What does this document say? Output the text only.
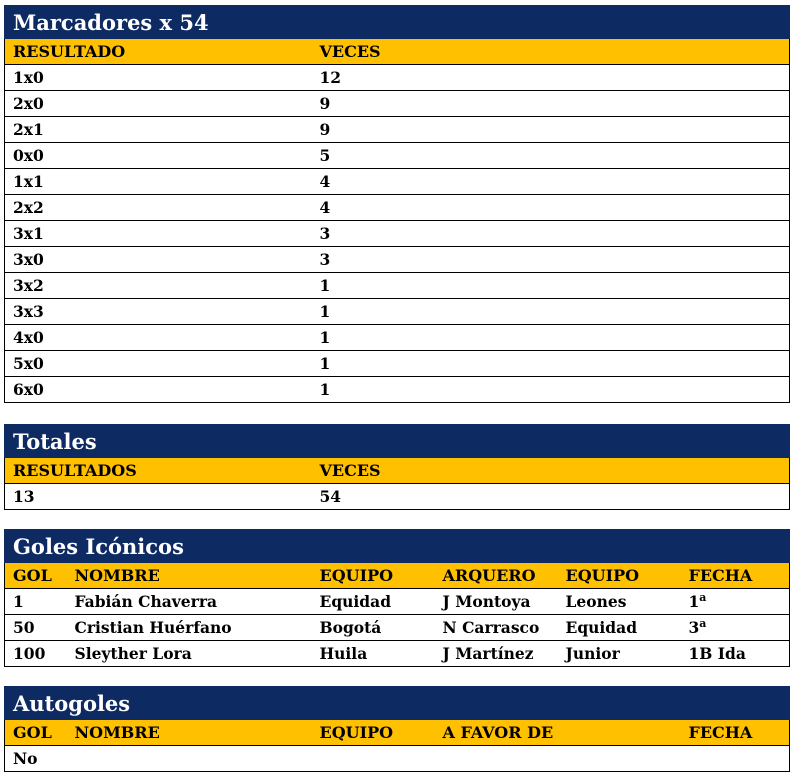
Marcadores x 54	
RESULTADO	VECES
1x0	12
2x0	9
2x1	9
0x0	5
1x1	4
2x2	4
3x1	3
3x0	3
3x2	1
3x3	1
4x0	1
5x0	1
6x0	1
Totales	
RESULTADOS	VECES
13	54
Goles Icónicos					
GOL	NOMBRE	EQUIPO	ARQUERO	EQUIPO	FECHA
1	Fabián Chaverra	Equidad	J Montoya	Leones	1$^a$
50	Cristian Huérfano	Bogotá	N Carrasco	Equidad	3$^a$
100	Sleyther Lora	Huila	J Martínez	Junior	1B Ida
Autogoles
GOL	NOMBRE	EQUIPO	A FAVOR DE		FECHA
No
